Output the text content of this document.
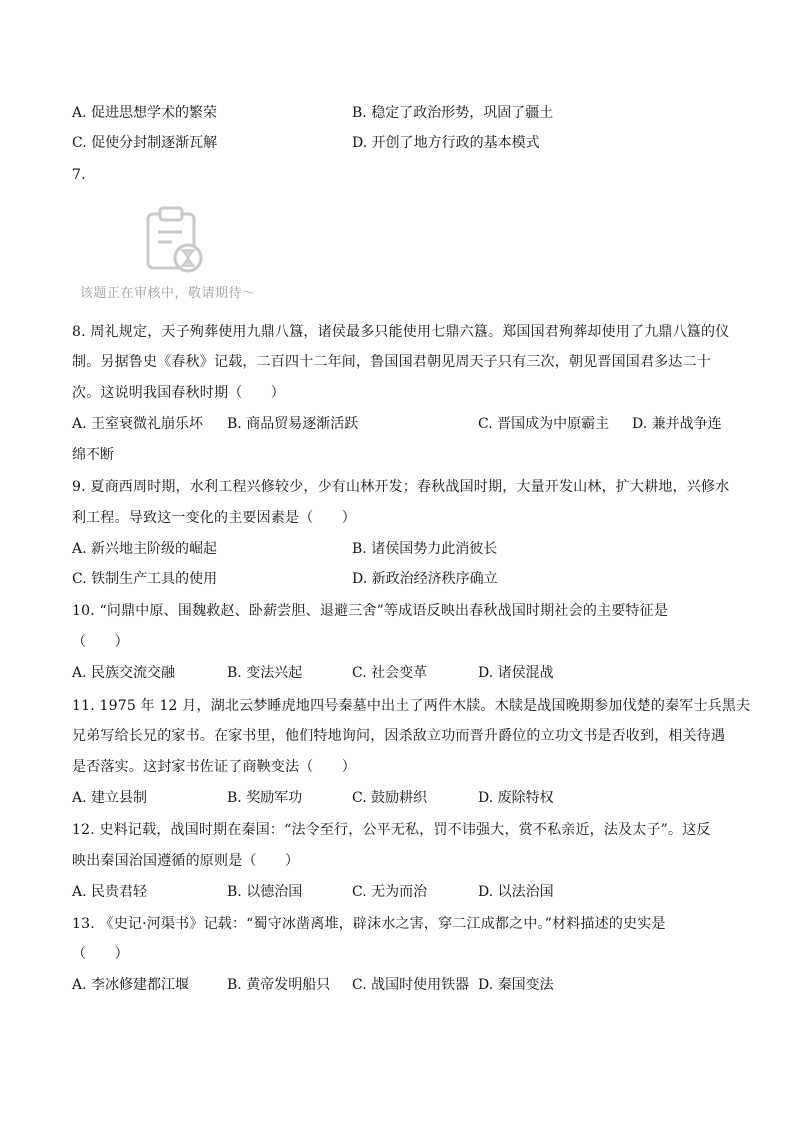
A. 促进思想学术的繁荣	B. 稳定了政治形势，巩固了疆土
C. 促使分封制逐渐瓦解	D. 开创了地方行政的基本模式
7.
该题正在审核中，敬请期待～
8. 周礼规定，天子殉葬使用九鼎八簋，诸侯最多只能使用七鼎六簋。郑国国君殉葬却使用了九鼎八簋的仪
制。另据鲁史《春秋》记载，二百四十二年间，鲁国国君朝见周天子只有三次，朝见晋国国君多达二十
次。这说明我国春秋时期（　　）
A. 王室衰微礼崩乐坏 B. 商品贸易逐渐活跃	C. 晋国成为中原霸主 D. 兼并战争连
绵不断
9. 夏商西周时期，水利工程兴修较少，少有山林开发；春秋战国时期，大量开发山林，扩大耕地，兴修水
利工程。导致这一变化的主要因素是（　　）
A. 新兴地主阶级的崛起	B. 诸侯国势力此消彼长
C. 铁制生产工具的使用	D. 新政治经济秩序确立
10. “问鼎中原、围魏救赵、卧薪尝胆、退避三舍”等成语反映出春秋战国时期社会的主要特征是
（　　）
A. 民族交流交融	B. 变法兴起	C. 社会变革	D. 诸侯混战
11. 1975 年 12 月，湖北云梦睡虎地四号秦墓中出土了两件木牍。木牍是战国晚期参加伐楚的秦军士兵黑夫
兄弟写给长兄的家书。在家书里，他们特地询问，因杀敌立功而晋升爵位的立功文书是否收到，相关待遇
是否落实。这封家书佐证了商鞅变法（　　）
A. 建立县制	B. 奖励军功	C. 鼓励耕织	D. 废除特权
12. 史料记载，战国时期在秦国：“法令至行，公平无私，罚不讳强大，赏不私亲近，法及太子”。这反
映出秦国治国遵循的原则是（　　）
A. 民贵君轻	B. 以德治国	C. 无为而治	D. 以法治国
13. 《史记·河渠书》记载：“蜀守冰凿离堆，辟沫水之害，穿二江成都之中。”材料描述的史实是
（　　）
A. 李冰修建都江堰	B. 黄帝发明船只 C. 战国时使用铁器 D. 秦国变法
